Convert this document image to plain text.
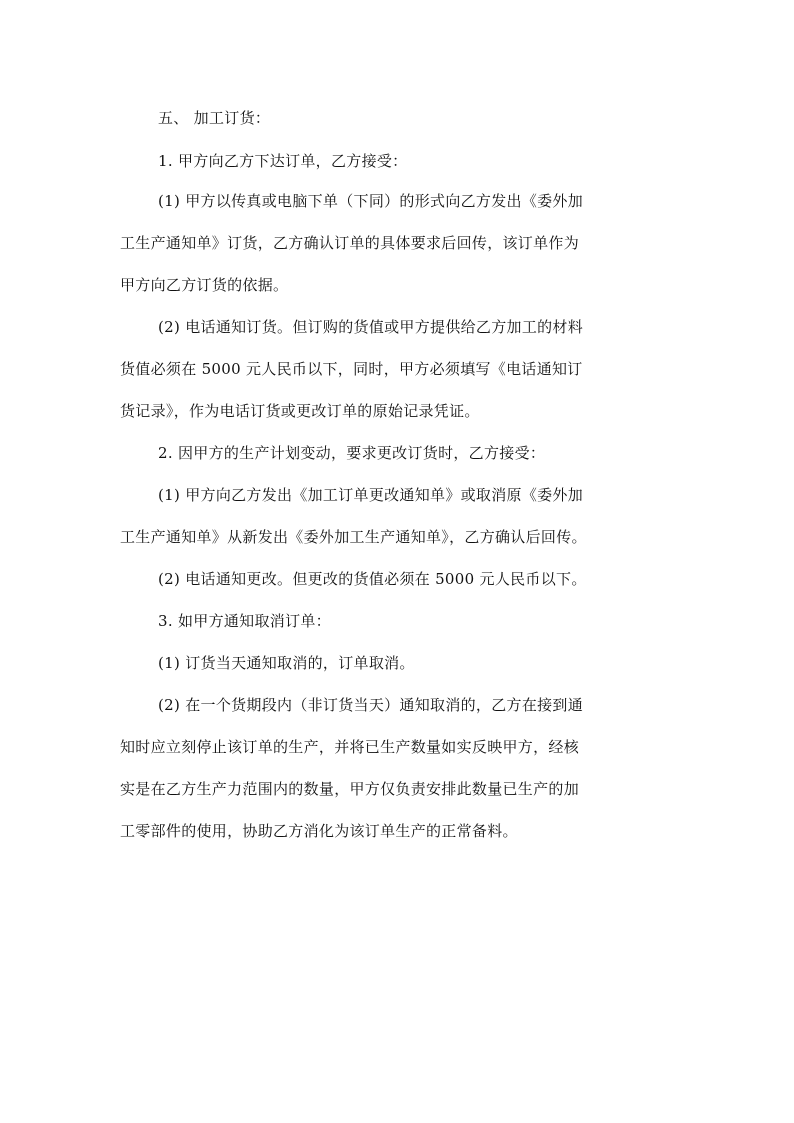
五、 加工订货：
1. 甲方向乙方下达订单，乙方接受：
(1) 甲方以传真或电脑下单（下同）的形式向乙方发出《委外加
工生产通知单》订货，乙方确认订单的具体要求后回传，该订单作为
甲方向乙方订货的依据。
(2) 电话通知订货。但订购的货值或甲方提供给乙方加工的材料
货值必须在 5000 元人民币以下，同时，甲方必须填写《电话通知订
货记录》，作为电话订货或更改订单的原始记录凭证。
2. 因甲方的生产计划变动，要求更改订货时，乙方接受：
(1) 甲方向乙方发出《加工订单更改通知单》或取消原《委外加
工生产通知单》从新发出《委外加工生产通知单》，乙方确认后回传。
(2) 电话通知更改。但更改的货值必须在 5000 元人民币以下。
3. 如甲方通知取消订单：
(1) 订货当天通知取消的，订单取消。
(2) 在一个货期段内（非订货当天）通知取消的，乙方在接到通
知时应立刻停止该订单的生产，并将已生产数量如实反映甲方，经核
实是在乙方生产力范围内的数量，甲方仅负责安排此数量已生产的加
工零部件的使用，协助乙方消化为该订单生产的正常备料。
